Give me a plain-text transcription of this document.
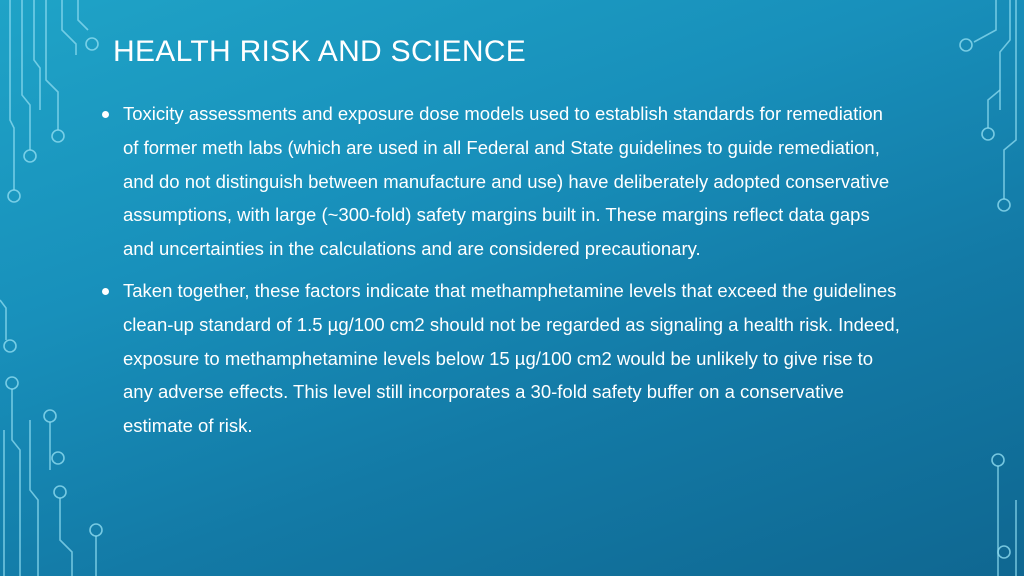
HEALTH RISK AND SCIENCE
Toxicity assessments and exposure dose models used to establish standards for remediation of former meth labs (which are used in all Federal and State guidelines to guide remediation, and do not distinguish between manufacture and use) have deliberately adopted conservative assumptions, with large (~300-fold) safety margins built in. These margins reflect data gaps and uncertainties in the calculations and are considered precautionary.
Taken together, these factors indicate that methamphetamine levels that exceed the guidelines clean-up standard of 1.5 µg/100 cm2 should not be regarded as signaling a health risk. Indeed, exposure to methamphetamine levels below 15 µg/100 cm2 would be unlikely to give rise to any adverse effects. This level still incorporates a 30-fold safety buffer on a conservative estimate of risk.
